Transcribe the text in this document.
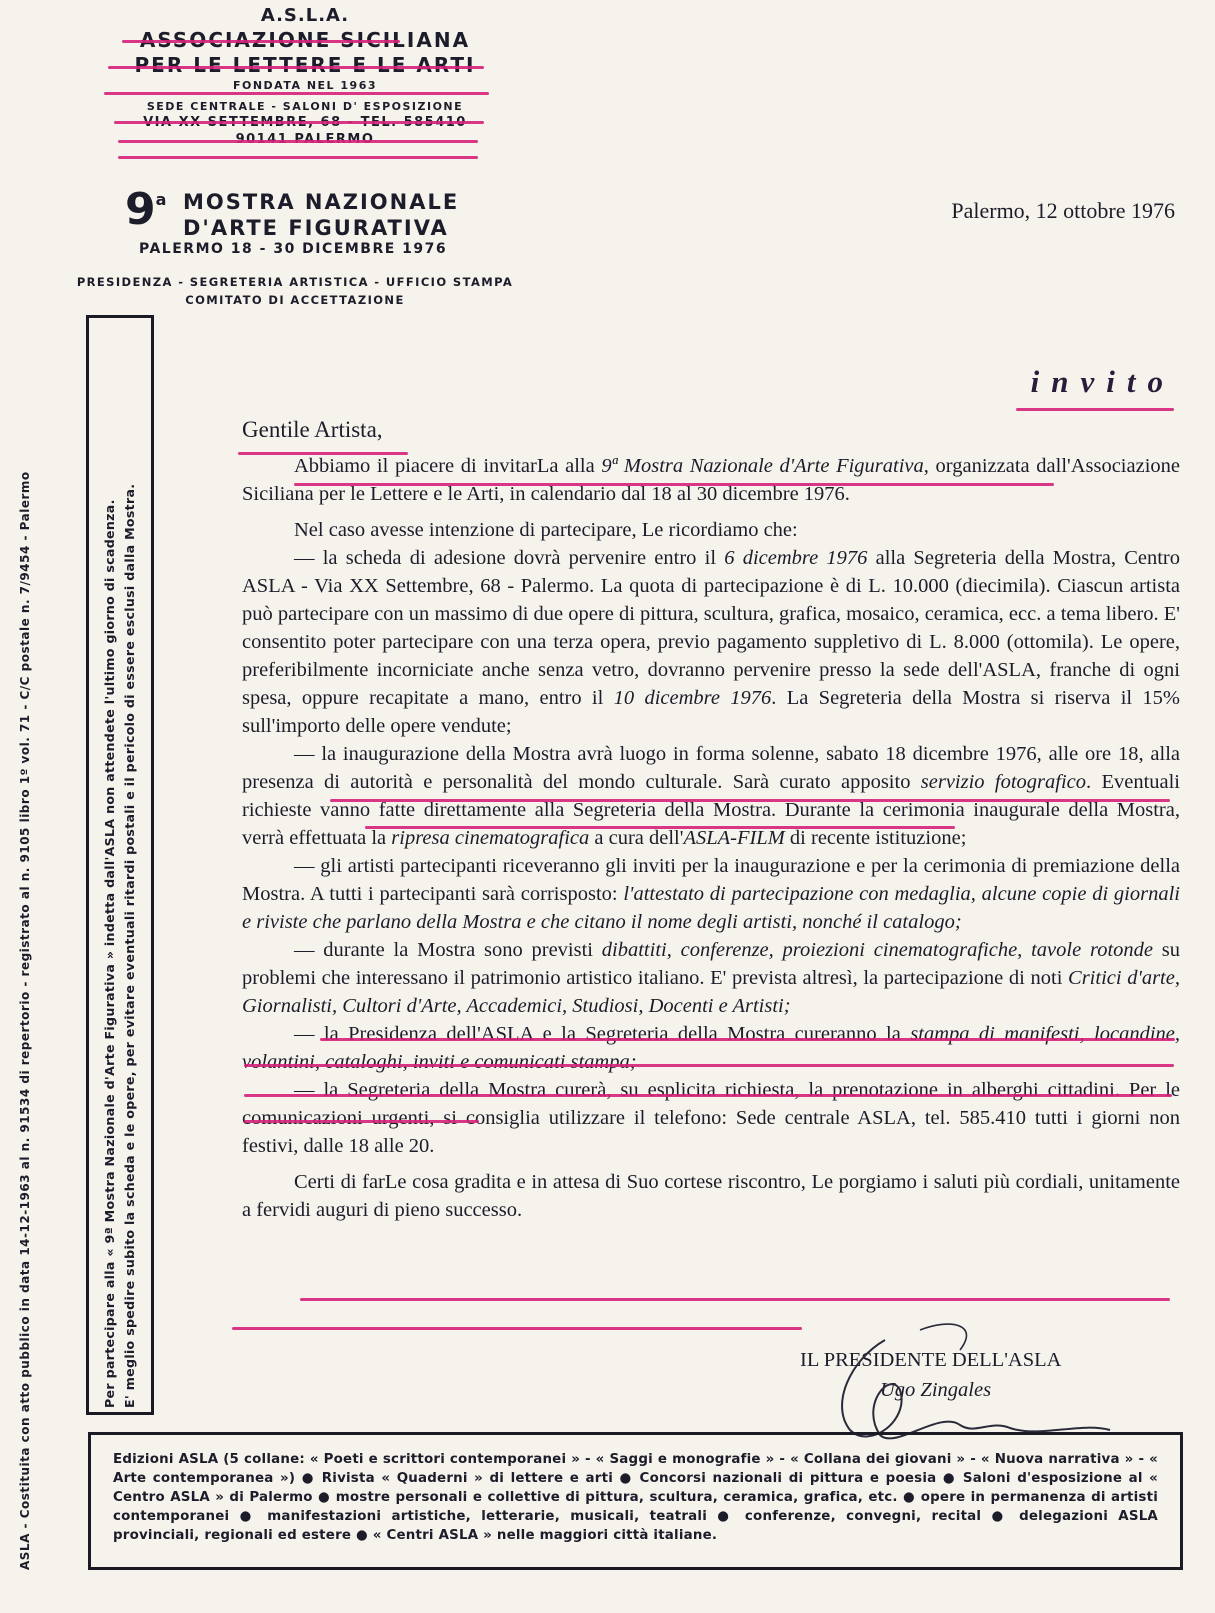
A.S.L.A.
ASSOCIAZIONE SICILIANA
PER LE LETTERE E LE ARTI
FONDATA NEL 1963
SEDE CENTRALE - SALONI D' ESPOSIZIONE
VIA XX SETTEMBRE, 68 - TEL. 585410
90141 PALERMO
9$^a$ MOSTRA NAZIONALE
D'ARTE FIGURATIVA
PALERMO 18 - 30 DICEMBRE 1976
PRESIDENZA - SEGRETERIA ARTISTICA - UFFICIO STAMPA
COMITATO DI ACCETTAZIONE
Palermo, 12 ottobre 1976
invito
ASLA - Costituita con atto pubblico in data 14-12-1963 al n. 91534 di repertorio - registrato al n. 9105 libro 1º vol. 71 - C/C postale n. 7/9454 - Palermo	Per partecipare alla « 9ª Mostra Nazionale d'Arte Figurativa » indetta dall'ASLA non attendete l'ultimo giorno di scadenza. E' meglio spedire subito la scheda e le opere, per evitare eventuali ritardi postali e il pericolo di essere esclusi dalla Mostra.

Gentile Artista,

Abbiamo il piacere di invitarLa alla 9ª Mostra Nazionale d'Arte Figurativa, organizzata dall'Associazione Siciliana per le Lettere e le Arti, in calendario dal 18 al 30 dicembre 1976.

Nel caso avesse intenzione di partecipare, Le ricordiamo che:

— la scheda di adesione dovrà pervenire entro il 6 dicembre 1976 alla Segreteria della Mostra, Centro ASLA - Via XX Settembre, 68 - Palermo. La quota di partecipazione è di L. 10.000 (diecimila). Ciascun artista può partecipare con un massimo di due opere di pittura, scultura, grafica, mosaico, ceramica, ecc. a tema libero. E' consentito poter partecipare con una terza opera, previo pagamento suppletivo di L. 8.000 (ottomila). Le opere, preferibilmente incorniciate anche senza vetro, dovranno pervenire presso la sede dell'ASLA, franche di ogni spesa, oppure recapitate a mano, entro il 10 dicembre 1976. La Segreteria della Mostra si riserva il 15% sull'importo delle opere vendute;

— la inaugurazione della Mostra avrà luogo in forma solenne, sabato 18 dicembre 1976, alle ore 18, alla presenza di autorità e personalità del mondo culturale. Sarà curato apposito servizio fotografico. Eventuali richieste vanno fatte direttamente alla Segreteria della Mostra. Durante la cerimonia inaugurale della Mostra, verrà effettuata la ripresa cinematografica a cura dell'ASLA-FILM di recente istituzione;

— gli artisti partecipanti riceveranno gli inviti per la inaugurazione e per la cerimonia di premiazione della Mostra. A tutti i partecipanti sarà corrisposto: l'attestato di partecipazione con medaglia, alcune copie di giornali e riviste che parlano della Mostra e che citano il nome degli artisti, nonché il catalogo;

— durante la Mostra sono previsti dibattiti, conferenze, proiezioni cinematografiche, tavole rotonde su problemi che interessano il patrimonio artistico italiano. E' prevista altresì, la partecipazione di noti Critici d'arte, Giornalisti, Cultori d'Arte, Accademici, Studiosi, Docenti e Artisti;

— la Presidenza dell'ASLA e la Segreteria della Mostra cureranno la stampa di manifesti, locandine, volantini, cataloghi, inviti e comunicati stampa;

— la Segreteria della Mostra curerà, su esplicita richiesta, la prenotazione in alberghi cittadini. Per le comunicazioni urgenti, si consiglia utilizzare il telefono: Sede centrale ASLA, tel. 585.410 tutti i giorni non festivi, dalle 18 alle 20.

Certi di farLe cosa gradita e in attesa di Suo cortese riscontro, Le porgiamo i saluti più cordiali, unitamente a fervidi auguri di pieno successo.

IL PRESIDENTE DELL'ASLA
Ugo Zingales
Edizioni ASLA (5 collane: « Poeti e scrittori contemporanei » - « Saggi e monografie » - « Collana dei giovani » - « Nuova narrativa » - « Arte contemporanea ») ● Rivista « Quaderni » di lettere e arti ● Concorsi nazionali di pittura e poesia ● Saloni d'esposizione al « Centro ASLA » di Palermo ● mostre personali e collettive di pittura, scultura, ceramica, grafica, etc. ● opere in permanenza di artisti contemporanei ● manifestazioni artistiche, letterarie, musicali, teatrali ● conferenze, convegni, recital ● delegazioni ASLA provinciali, regionali ed estere ● « Centri ASLA » nelle maggiori città italiane.
